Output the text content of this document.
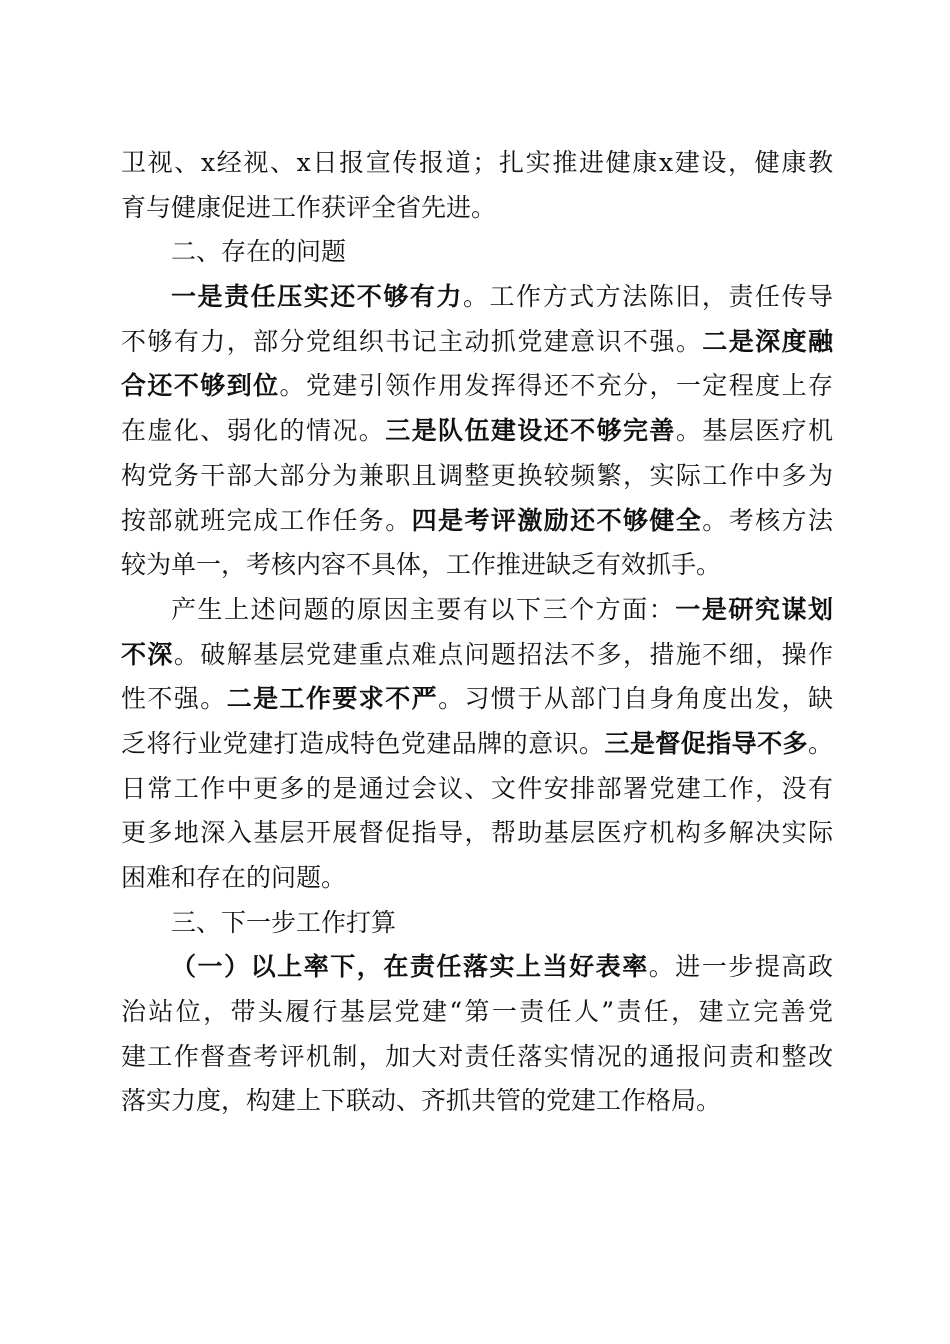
卫视、x经视、x日报宣传报道；扎实推进健康x建设，健康教
育与健康促进工作获评全省先进。
二、存在的问题
一是责任压实还不够有力。工作方式方法陈旧，责任传导
不够有力，部分党组织书记主动抓党建意识不强。二是深度融
合还不够到位。党建引领作用发挥得还不充分，一定程度上存
在虚化、弱化的情况。三是队伍建设还不够完善。基层医疗机
构党务干部大部分为兼职且调整更换较频繁，实际工作中多为
按部就班完成工作任务。四是考评激励还不够健全。考核方法
较为单一，考核内容不具体，工作推进缺乏有效抓手。
产生上述问题的原因主要有以下三个方面：一是研究谋划
不深。破解基层党建重点难点问题招法不多，措施不细，操作
性不强。二是工作要求不严。习惯于从部门自身角度出发，缺
乏将行业党建打造成特色党建品牌的意识。三是督促指导不多。
日常工作中更多的是通过会议、文件安排部署党建工作，没有
更多地深入基层开展督促指导，帮助基层医疗机构多解决实际
困难和存在的问题。
三、下一步工作打算
（一）以上率下，在责任落实上当好表率。进一步提高政
治站位，带头履行基层党建“第一责任人”责任，建立完善党
建工作督查考评机制，加大对责任落实情况的通报问责和整改
落实力度，构建上下联动、齐抓共管的党建工作格局。
